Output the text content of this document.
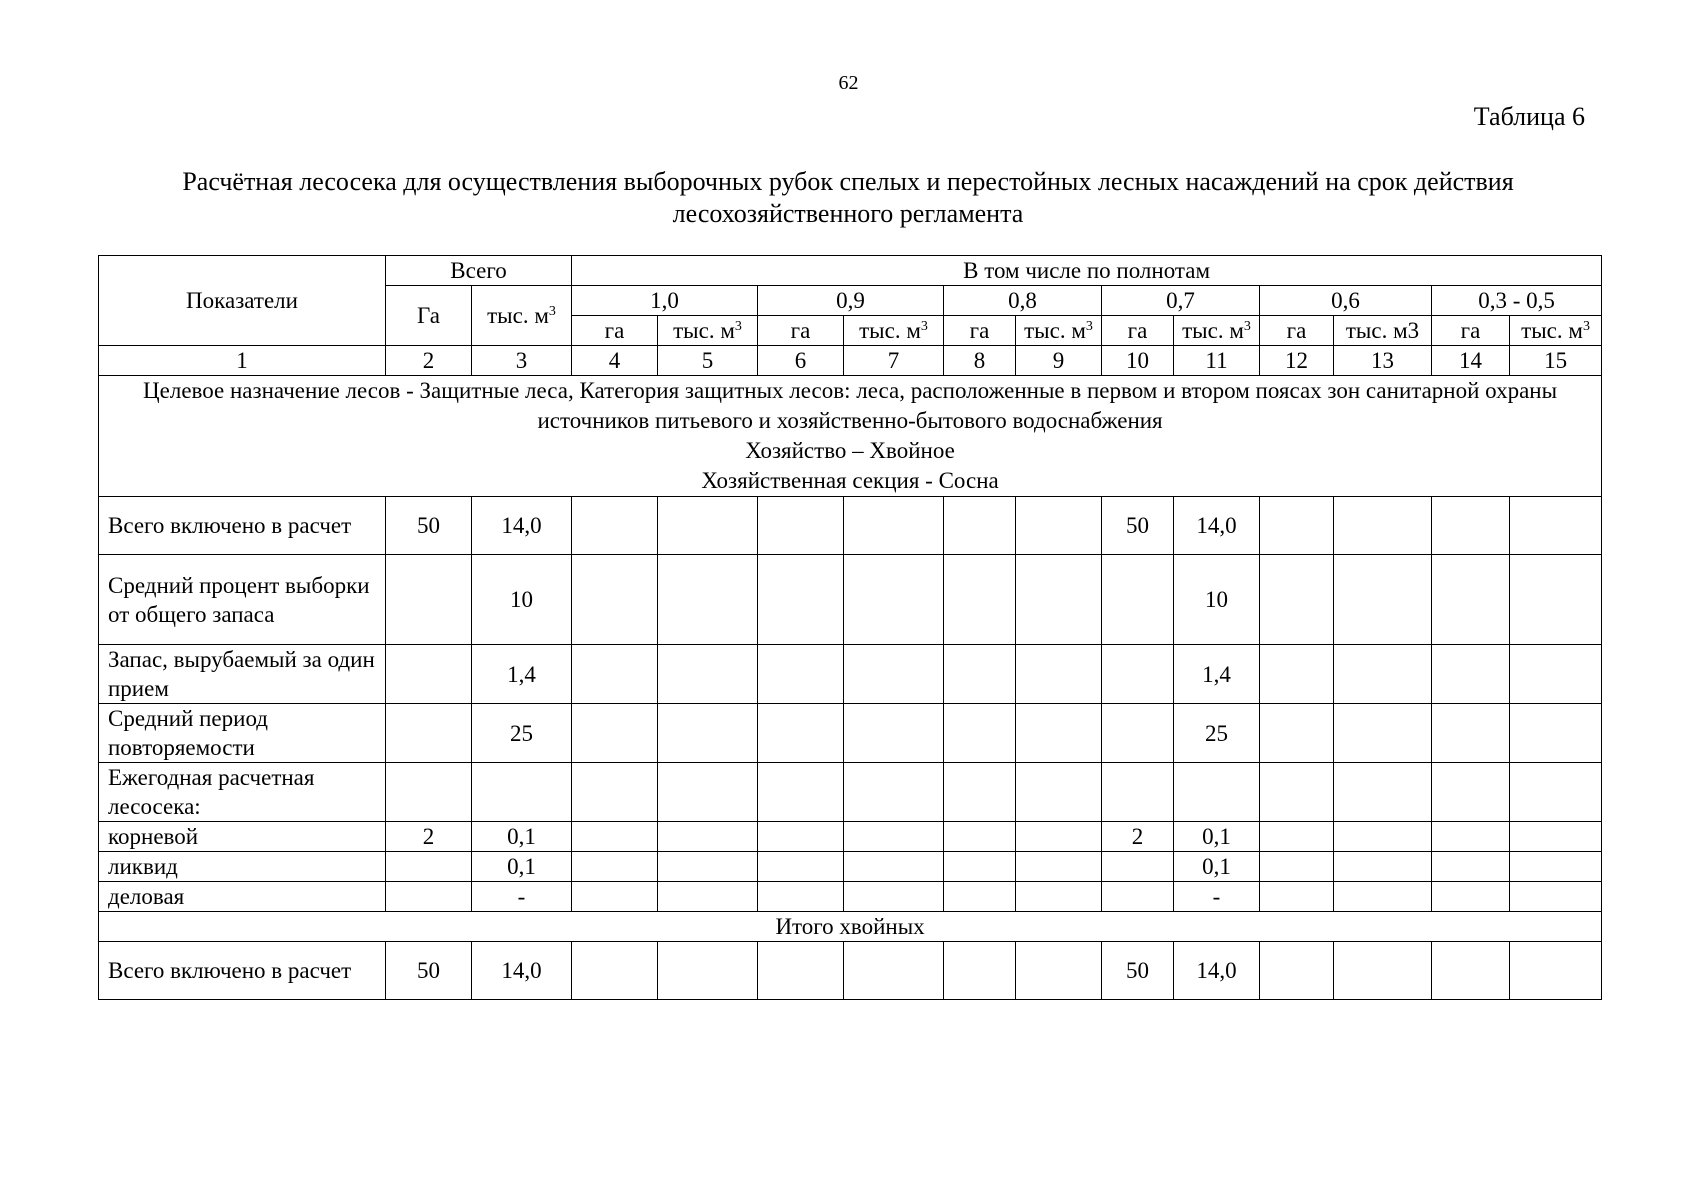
62
Таблица 6
Расчётная лесосека для осуществления выборочных рубок спелых и перестойных лесных насаждений на срок действия
лесохозяйственного регламента
Показатели	Всего		В том числе по полнотам											
	Га	тыс. $м^3$	1,0		0,9		0,8		0,7		0,6		0,3 - 0,5	
			га	тыс. $м^3$	га	тыс. $м^3$	га	тыс. $м^3$	га	тыс. $м^3$	га	тыс. м3	га	тыс. $м^3$
1	2	3	4	5	6	7	8	9	10	11	12	13	14	15

Целевое назначение лесов - Защитные леса, Категория защитных лесов: леса, расположенные в первом и втором поясах зон санитарной охраны источников питьевого и хозяйственно-бытового водоснабжения
Хозяйство – Хвойное
Хозяйственная секция - Сосна														

Всего включено в расчет	50	14,0							50	14,0				
Средний процент выборки от общего запаса		10								10				
Запас, вырубаемый за один прием		1,4								1,4				
Средний период повторяемости		25								25				
Ежегодная расчетная лесосека:														
корневой	2	0,1							2	0,1				
ликвид		0,1								0,1				
деловая		-								-				
Итого хвойных														
Всего включено в расчет	50	14,0							50	14,0				
